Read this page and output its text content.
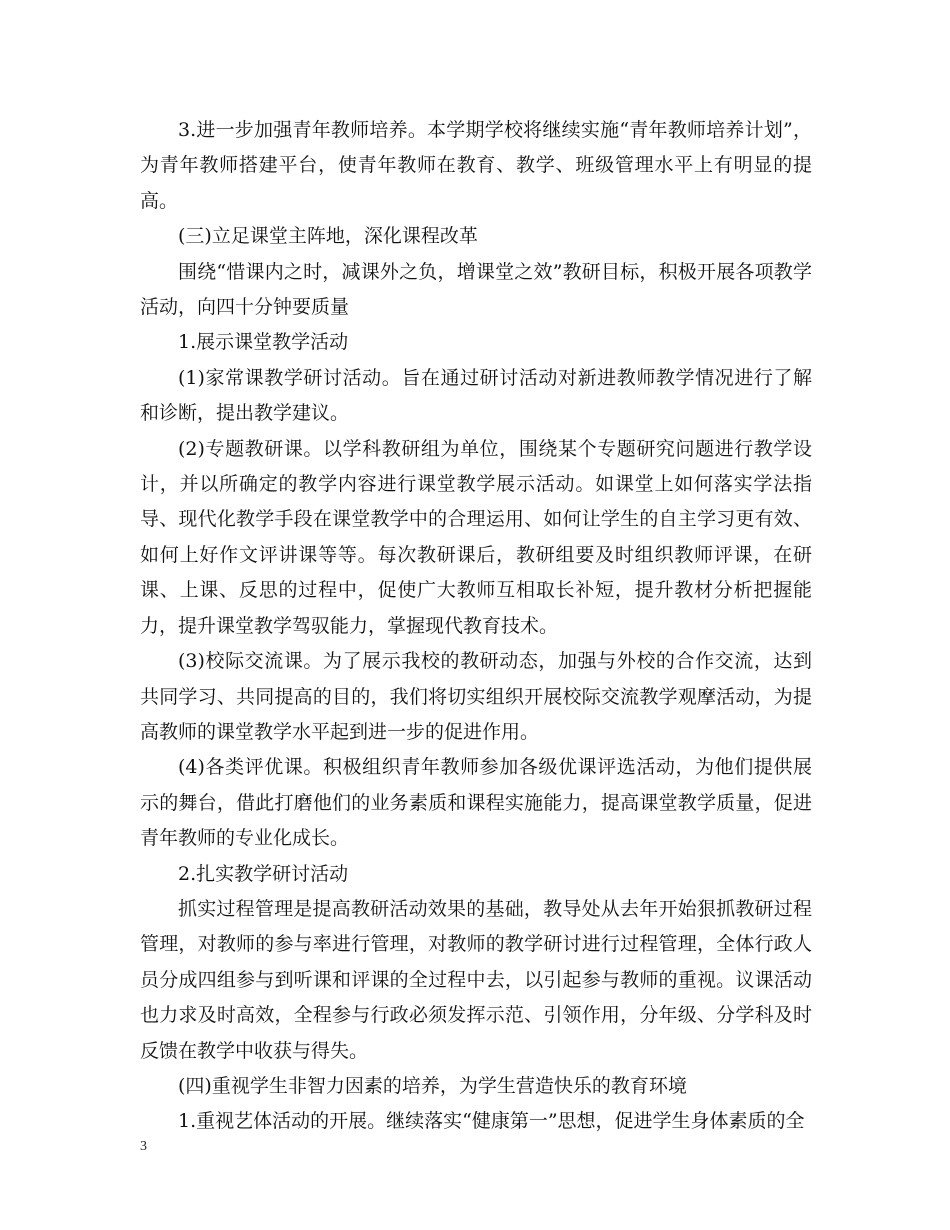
3.进一步加强青年教师培养。本学期学校将继续实施“青年教师培养计划”，为青年教师搭建平台，使青年教师在教育、教学、班级管理水平上有明显的提高。

(三)立足课堂主阵地，深化课程改革

围绕“惜课内之时，减课外之负，增课堂之效”教研目标，积极开展各项教学活动，向四十分钟要质量

1.展示课堂教学活动

(1)家常课教学研讨活动。旨在通过研讨活动对新进教师教学情况进行了解和诊断，提出教学建议。

(2)专题教研课。以学科教研组为单位，围绕某个专题研究问题进行教学设计，并以所确定的教学内容进行课堂教学展示活动。如课堂上如何落实学法指导、现代化教学手段在课堂教学中的合理运用、如何让学生的自主学习更有效、如何上好作文评讲课等等。每次教研课后，教研组要及时组织教师评课，在研课、上课、反思的过程中，促使广大教师互相取长补短，提升教材分析把握能力，提升课堂教学驾驭能力，掌握现代教育技术。

(3)校际交流课。为了展示我校的教研动态，加强与外校的合作交流，达到共同学习、共同提高的目的，我们将切实组织开展校际交流教学观摩活动，为提高教师的课堂教学水平起到进一步的促进作用。

(4)各类评优课。积极组织青年教师参加各级优课评选活动，为他们提供展示的舞台，借此打磨他们的业务素质和课程实施能力，提高课堂教学质量，促进青年教师的专业化成长。

2.扎实教学研讨活动

抓实过程管理是提高教研活动效果的基础，教导处从去年开始狠抓教研过程管理，对教师的参与率进行管理，对教师的教学研讨进行过程管理，全体行政人员分成四组参与到听课和评课的全过程中去，以引起参与教师的重视。议课活动也力求及时高效，全程参与行政必须发挥示范、引领作用，分年级、分学科及时反馈在教学中收获与得失。

(四)重视学生非智力因素的培养，为学生营造快乐的教育环境

1.重视艺体活动的开展。继续落实“健康第一”思想，促进学生身体素质的全

3
